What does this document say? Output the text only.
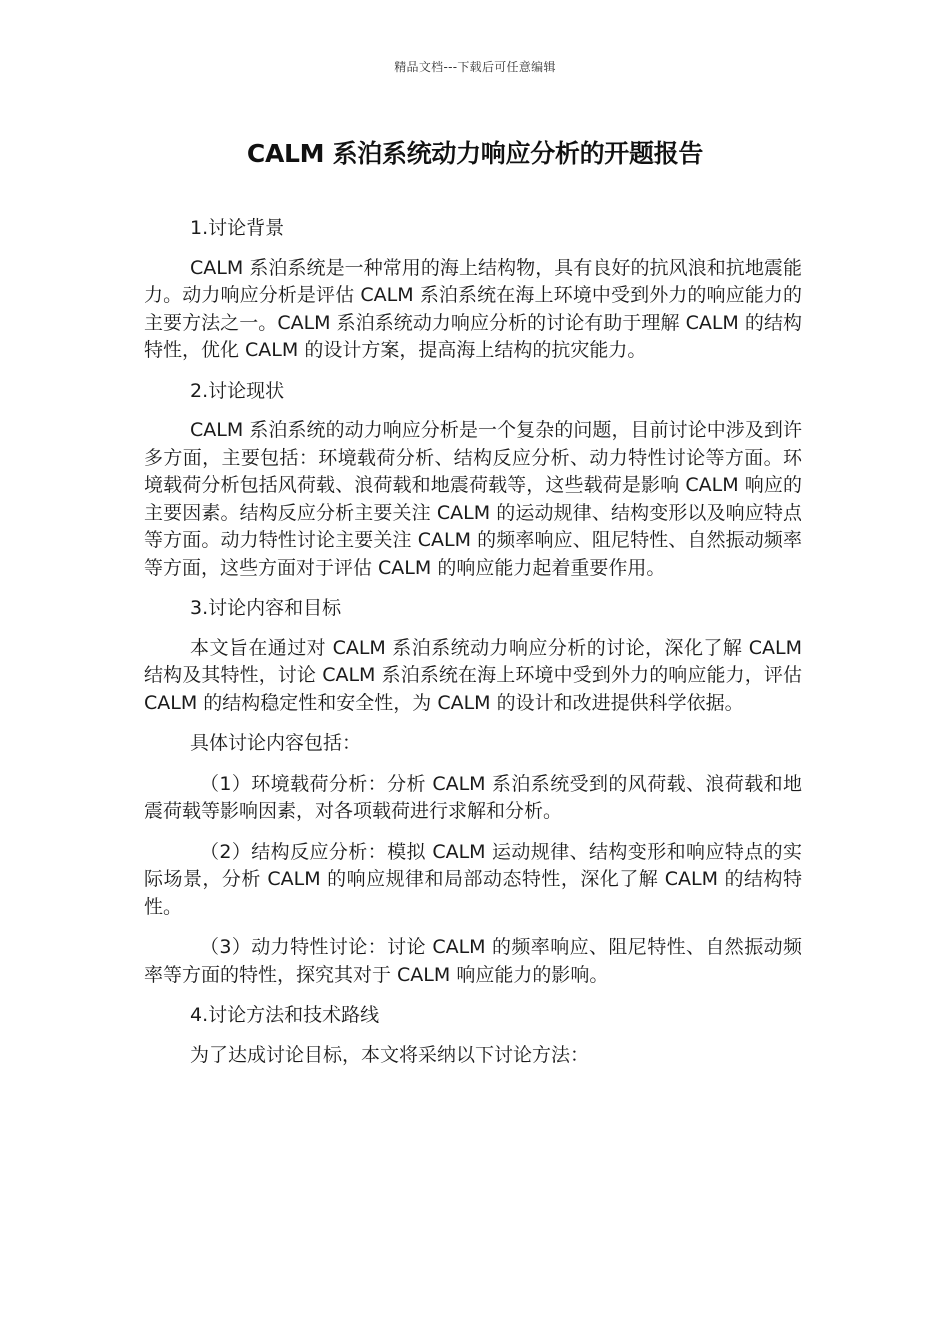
精品文档---下载后可任意编辑
CALM 系泊系统动力响应分析的开题报告

1.讨论背景

CALM 系泊系统是一种常用的海上结构物，具有良好的抗风浪和抗地震能力。动力响应分析是评估 CALM 系泊系统在海上环境中受到外力的响应能力的主要方法之一。CALM 系泊系统动力响应分析的讨论有助于理解 CALM 的结构特性，优化 CALM 的设计方案，提高海上结构的抗灾能力。

2.讨论现状

CALM 系泊系统的动力响应分析是一个复杂的问题，目前讨论中涉及到许多方面，主要包括：环境载荷分析、结构反应分析、动力特性讨论等方面。环境载荷分析包括风荷载、浪荷载和地震荷载等，这些载荷是影响 CALM 响应的主要因素。结构反应分析主要关注 CALM 的运动规律、结构变形以及响应特点等方面。动力特性讨论主要关注 CALM 的频率响应、阻尼特性、自然振动频率等方面，这些方面对于评估 CALM 的响应能力起着重要作用。

3.讨论内容和目标

本文旨在通过对 CALM 系泊系统动力响应分析的讨论，深化了解 CALM 结构及其特性，讨论 CALM 系泊系统在海上环境中受到外力的响应能力，评估 CALM 的结构稳定性和安全性，为 CALM 的设计和改进提供科学依据。

具体讨论内容包括：

（1）环境载荷分析：分析 CALM 系泊系统受到的风荷载、浪荷载和地震荷载等影响因素，对各项载荷进行求解和分析。

（2）结构反应分析：模拟 CALM 运动规律、结构变形和响应特点的实际场景，分析 CALM 的响应规律和局部动态特性，深化了解 CALM 的结构特性。

（3）动力特性讨论：讨论 CALM 的频率响应、阻尼特性、自然振动频率等方面的特性，探究其对于 CALM 响应能力的影响。

4.讨论方法和技术路线

为了达成讨论目标，本文将采纳以下讨论方法：
